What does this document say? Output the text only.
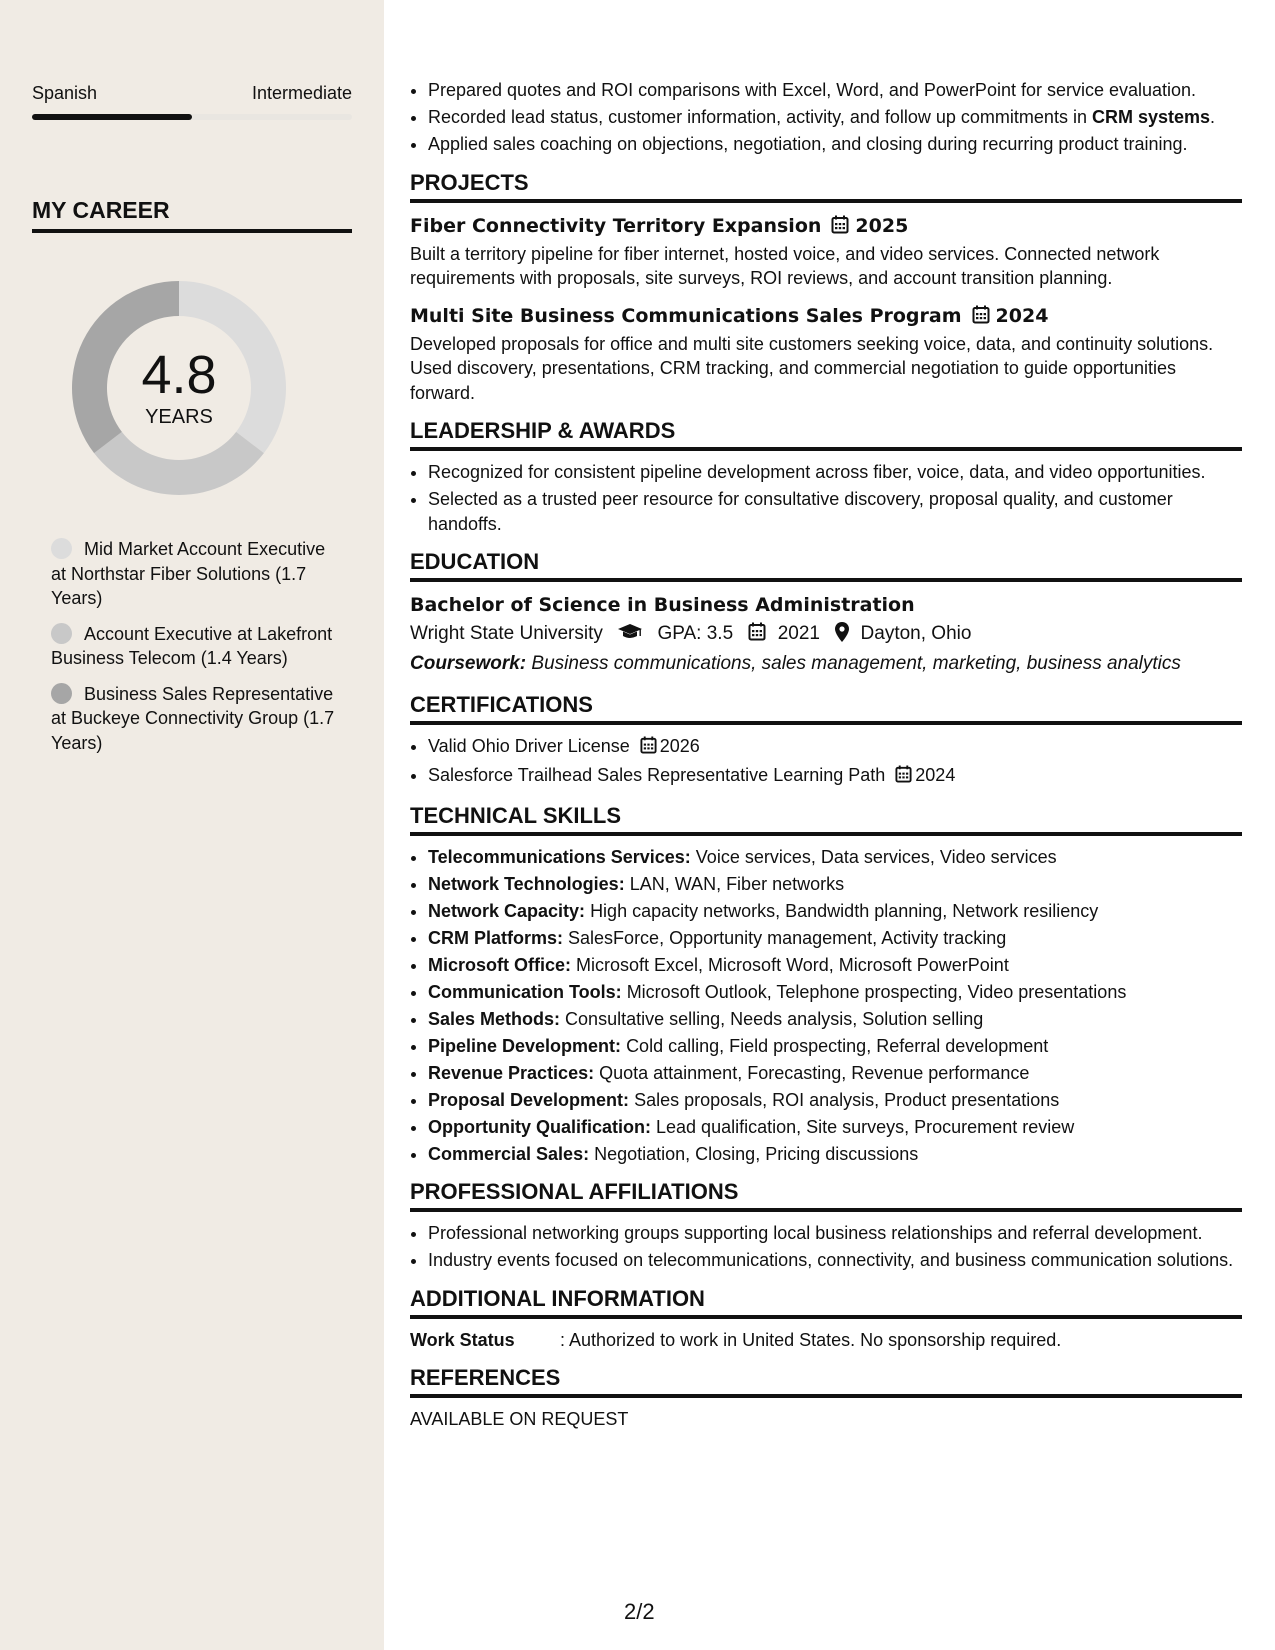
Spanish	Intermediate
MY CAREER
4.8
YEARS
Mid Market Account Executive at Northstar Fiber Solutions (1.7 Years)
Account Executive at Lakefront Business Telecom (1.4 Years)
Business Sales Representative at Buckeye Connectivity Group (1.7 Years)
• Prepared quotes and ROI comparisons with Excel, Word, and PowerPoint for service evaluation.
• Recorded lead status, customer information, activity, and follow up commitments in CRM systems.
• Applied sales coaching on objections, negotiation, and closing during recurring product training.
PROJECTS
Fiber Connectivity Territory Expansion 2025
Built a territory pipeline for fiber internet, hosted voice, and video services. Connected network requirements with proposals, site surveys, ROI reviews, and account transition planning.
Multi Site Business Communications Sales Program 2024
Developed proposals for office and multi site customers seeking voice, data, and continuity solutions. Used discovery, presentations, CRM tracking, and commercial negotiation to guide opportunities forward.
LEADERSHIP & AWARDS
• Recognized for consistent pipeline development across fiber, voice, data, and video opportunities.
• Selected as a trusted peer resource for consultative discovery, proposal quality, and customer handoffs.
EDUCATION
Bachelor of Science in Business Administration
Wright State University	GPA: 3.5 2021 Dayton, Ohio
Coursework: Business communications, sales management, marketing, business analytics
CERTIFICATIONS
• Valid Ohio Driver License 2026
• Salesforce Trailhead Sales Representative Learning Path 2024
TECHNICAL SKILLS
• Telecommunications Services: Voice services, Data services, Video services
• Network Technologies: LAN, WAN, Fiber networks
• Network Capacity: High capacity networks, Bandwidth planning, Network resiliency
• CRM Platforms: SalesForce, Opportunity management, Activity tracking
• Microsoft Office: Microsoft Excel, Microsoft Word, Microsoft PowerPoint
• Communication Tools: Microsoft Outlook, Telephone prospecting, Video presentations
• Sales Methods: Consultative selling, Needs analysis, Solution selling
• Pipeline Development: Cold calling, Field prospecting, Referral development
• Revenue Practices: Quota attainment, Forecasting, Revenue performance
• Proposal Development: Sales proposals, ROI analysis, Product presentations
• Opportunity Qualification: Lead qualification, Site surveys, Procurement review
• Commercial Sales: Negotiation, Closing, Pricing discussions
PROFESSIONAL AFFILIATIONS
• Professional networking groups supporting local business relationships and referral development.
• Industry events focused on telecommunications, connectivity, and business communication solutions.
ADDITIONAL INFORMATION
Work Status	: Authorized to work in United States. No sponsorship required.
REFERENCES
AVAILABLE ON REQUEST
2/2
